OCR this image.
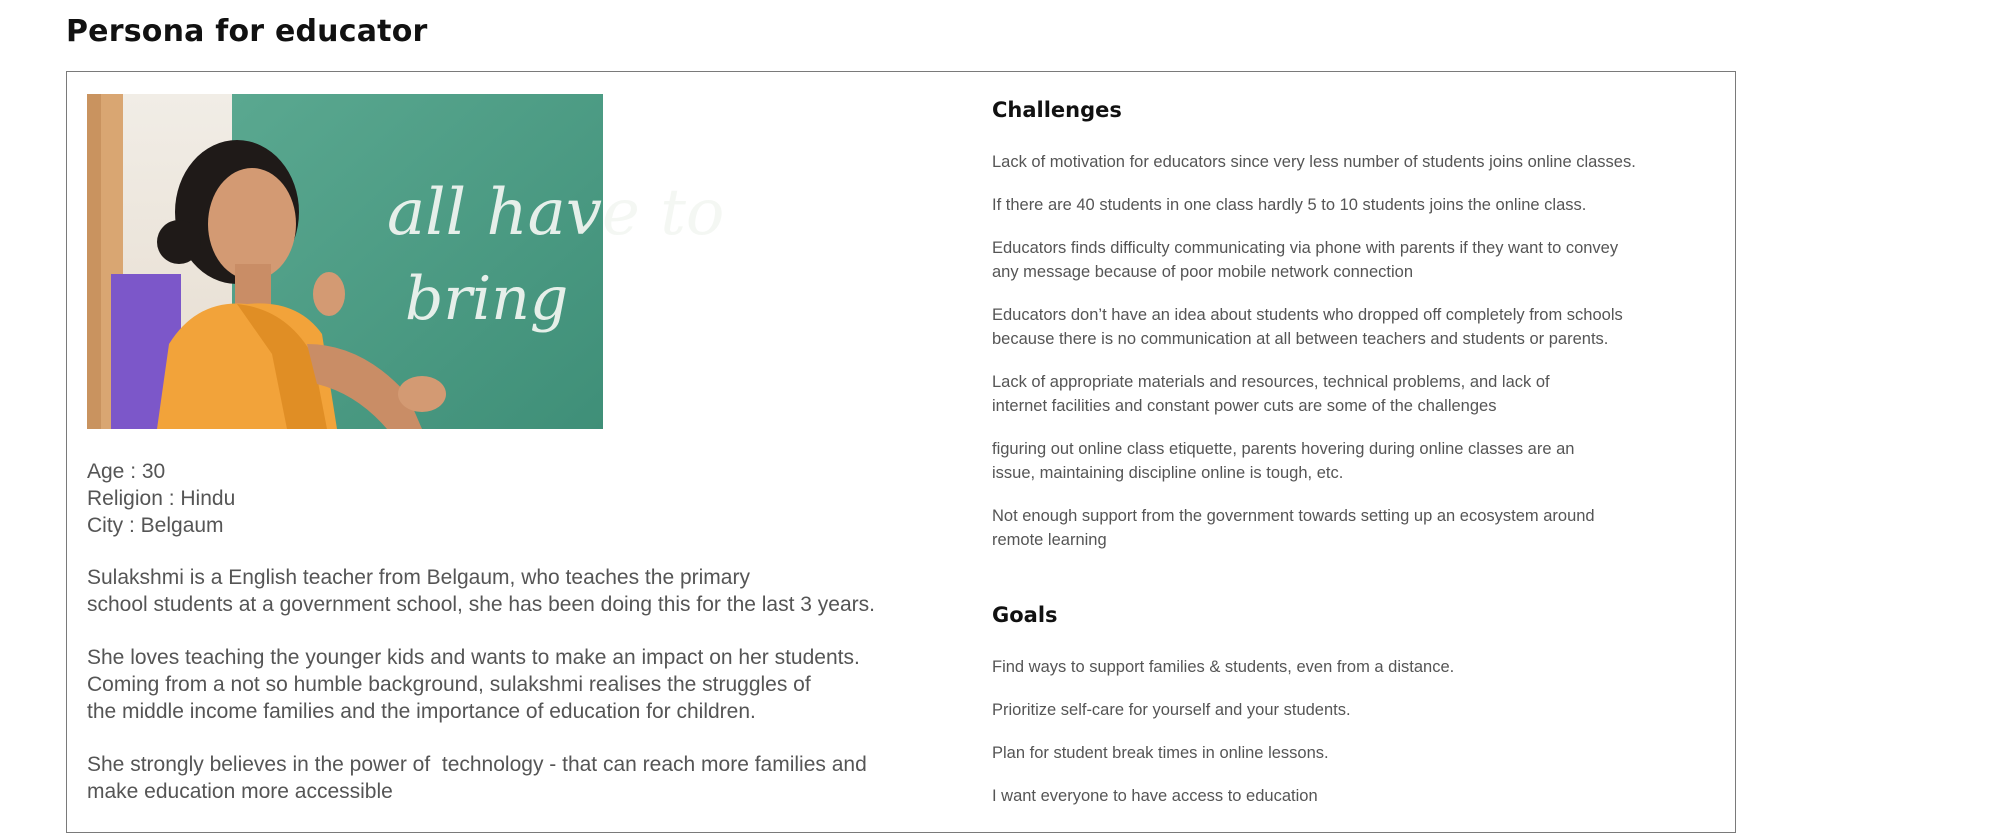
Persona for educator
all have to
bring
Age : 30
Religion : Hindu
City : Belgaum
Sulakshmi is a English teacher from Belgaum, who teaches the primary
school students at a government school, she has been doing this for the last 3 years.
She loves teaching the younger kids and wants to make an impact on her students.
Coming from a not so humble background, sulakshmi realises the struggles of
the middle income families and the importance of education for children.
She strongly believes in the power of  technology - that can reach more families and
make education more accessible
Challenges
Lack of motivation for educators since very less number of students joins online classes.
If there are 40 students in one class hardly 5 to 10 students joins the online class.
Educators finds difficulty communicating via phone with parents if they want to convey
any message because of poor mobile network connection
Educators don’t have an idea about students who dropped off completely from schools
because there is no communication at all between teachers and students or parents.
Lack of appropriate materials and resources, technical problems, and lack of
internet facilities and constant power cuts are some of the challenges
figuring out online class etiquette, parents hovering during online classes are an
issue, maintaining discipline online is tough, etc.
Not enough support from the government towards setting up an ecosystem around
remote learning
Goals
Find ways to support families & students, even from a distance.
Prioritize self-care for yourself and your students.
Plan for student break times in online lessons.
I want everyone to have access to education
